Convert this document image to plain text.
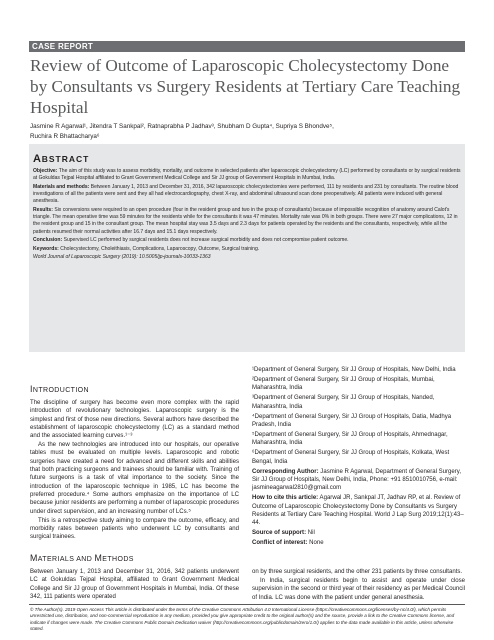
CASE REPORT
Review of Outcome of Laparoscopic Cholecystectomy Done by Consultants vs Surgery Residents at Tertiary Care Teaching Hospital
Jasmine R Agarwal¹, Jitendra T Sankpal², Ratnaprabha P Jadhav³, Shubham D Gupta⁴, Supriya S Bhondve⁵,
Ruchira R Bhattacharya⁶
ABSTRACT

Objective: The aim of this study was to assess morbidity, mortality, and outcome in selected patients after laparoscopic cholecystectomy (LC) performed by consultants or by surgical residents at Gokuldas Tejpal Hospital affiliated to Grant Government Medical College and Sir JJ group of Government Hospitals in Mumbai, India.

Materials and methods: Between January 1, 2013 and December 31, 2016, 342 laparoscopic cholecystectomies were performed, 111 by residents and 231 by consultants. The routine blood investigations of all the patients were sent and they all had electrocardiography, chest X-ray, and abdominal ultrasound scan done preoperatively. All patients were induced with general anesthesia.

Results: Six conversions were required to an open procedure (four in the resident group and two in the group of consultants) because of impossible recognition of anatomy around Calot's triangle. The mean operative time was 59 minutes for the residents while for the consultants it was 47 minutes. Mortality rate was 0% in both groups. There were 27 major complications, 12 in the resident group and 15 in the consultant group. The mean hospital stay was 3.5 days and 2.3 days for patients operated by the residents and the consultants, respectively, while all the patients resumed their normal activities after 16.7 days and 15.1 days respectively.

Conclusion: Supervised LC performed by surgical residents does not increase surgical morbidity and does not compromise patient outcome.

Keywords: Cholecystectomy, Choleithiasis, Complications, Laparoscopy, Outcome, Surgical training.

World Journal of Laparoscopic Surgery (2019): 10.5005/jp-journals-10033-1363

INTRODUCTION

The discipline of surgery has become even more complex with the rapid introduction of revolutionary technologies. Laparoscopic surgery is the simplest and first of those new directions. Several authors have described the establishment of laparoscopic cholecystectomy (LC) as a standard method and the associated learning curves.¹⁻³

As the new technologies are introduced into our hospitals, our operative tables must be evaluated on multiple levels. Laparoscopic and robotic surgeries have created a need for advanced and different skills and abilities that both practicing surgeons and trainees should be familiar with. Training of future surgeons is a task of vital importance to the society. Since the introduction of the laparoscopic technique in 1985, LC has become the preferred procedure.⁴ Some authors emphasize on the importance of LC because junior residents are performing a number of laparoscopic procedures under direct supervision, and an increasing number of LCs.⁵

This is a retrospective study aiming to compare the outcome, efficacy, and morbidity rates between patients who underwent LC by consultants and surgical trainees.

MATERIALS AND METHODS

Between January 1, 2013 and December 31, 2016, 342 patients underwent LC at Gokuldas Tejpal Hospital, affiliated to Grant Government Medical College and Sir JJ group of Government Hospitals in Mumbai, India. Of these 342, 111 patients were operated

¹Department of General Surgery, Sir JJ Group of Hospitals, New Delhi, India

²Department of General Surgery, Sir JJ Group of Hospitals, Mumbai, Maharashtra, India

³Department of General Surgery, Sir JJ Group of Hospitals, Nanded, Maharashtra, India

⁴Department of General Surgery, Sir JJ Group of Hospitals, Datia, Madhya Pradesh, India

⁵Department of General Surgery, Sir JJ Group of Hospitals, Ahmednagar, Maharashtra, India

⁶Department of General Surgery, Sir JJ Group of Hospitals, Kolkata, West Bengal, India

Corresponding Author: Jasmine R Agarwal, Department of General Surgery, Sir JJ Group of Hospitals, New Delhi, India, Phone: +91 8510010756, e-mail: jasmineagarwal2810@gmail.com

How to cite this article: Agarwal JR, Sankpal JT, Jadhav RP, et al. Review of Outcome of Laparoscopic Cholecystectomy Done by Consultants vs Surgery Residents at Tertiary Care Teaching Hospital. World J Lap Surg 2019;12(1):43–44.

Source of support: Nil

Conflict of interest: None

on by three surgical residents, and the other 231 patients by three consultants.

In India, surgical residents begin to assist and operate under close supervision in the second or third year of their residency as per Medical Council of India. LC was done with the patient under general anesthesia.

© The Author(s). 2019 Open Access This article is distributed under the terms of the Creative Commons Attribution 4.0 International License (https://creativecommons.org/licenses/by-nc/4.0/), which permits unrestricted use, distribution, and non-commercial reproduction in any medium, provided you give appropriate credit to the original author(s) and the source, provide a link to the Creative Commons license, and indicate if changes were made. The Creative Commons Public Domain Dedication waiver (http://creativecommons.org/publicdomain/zero/1.0/) applies to the data made available in this article, unless otherwise stated.
